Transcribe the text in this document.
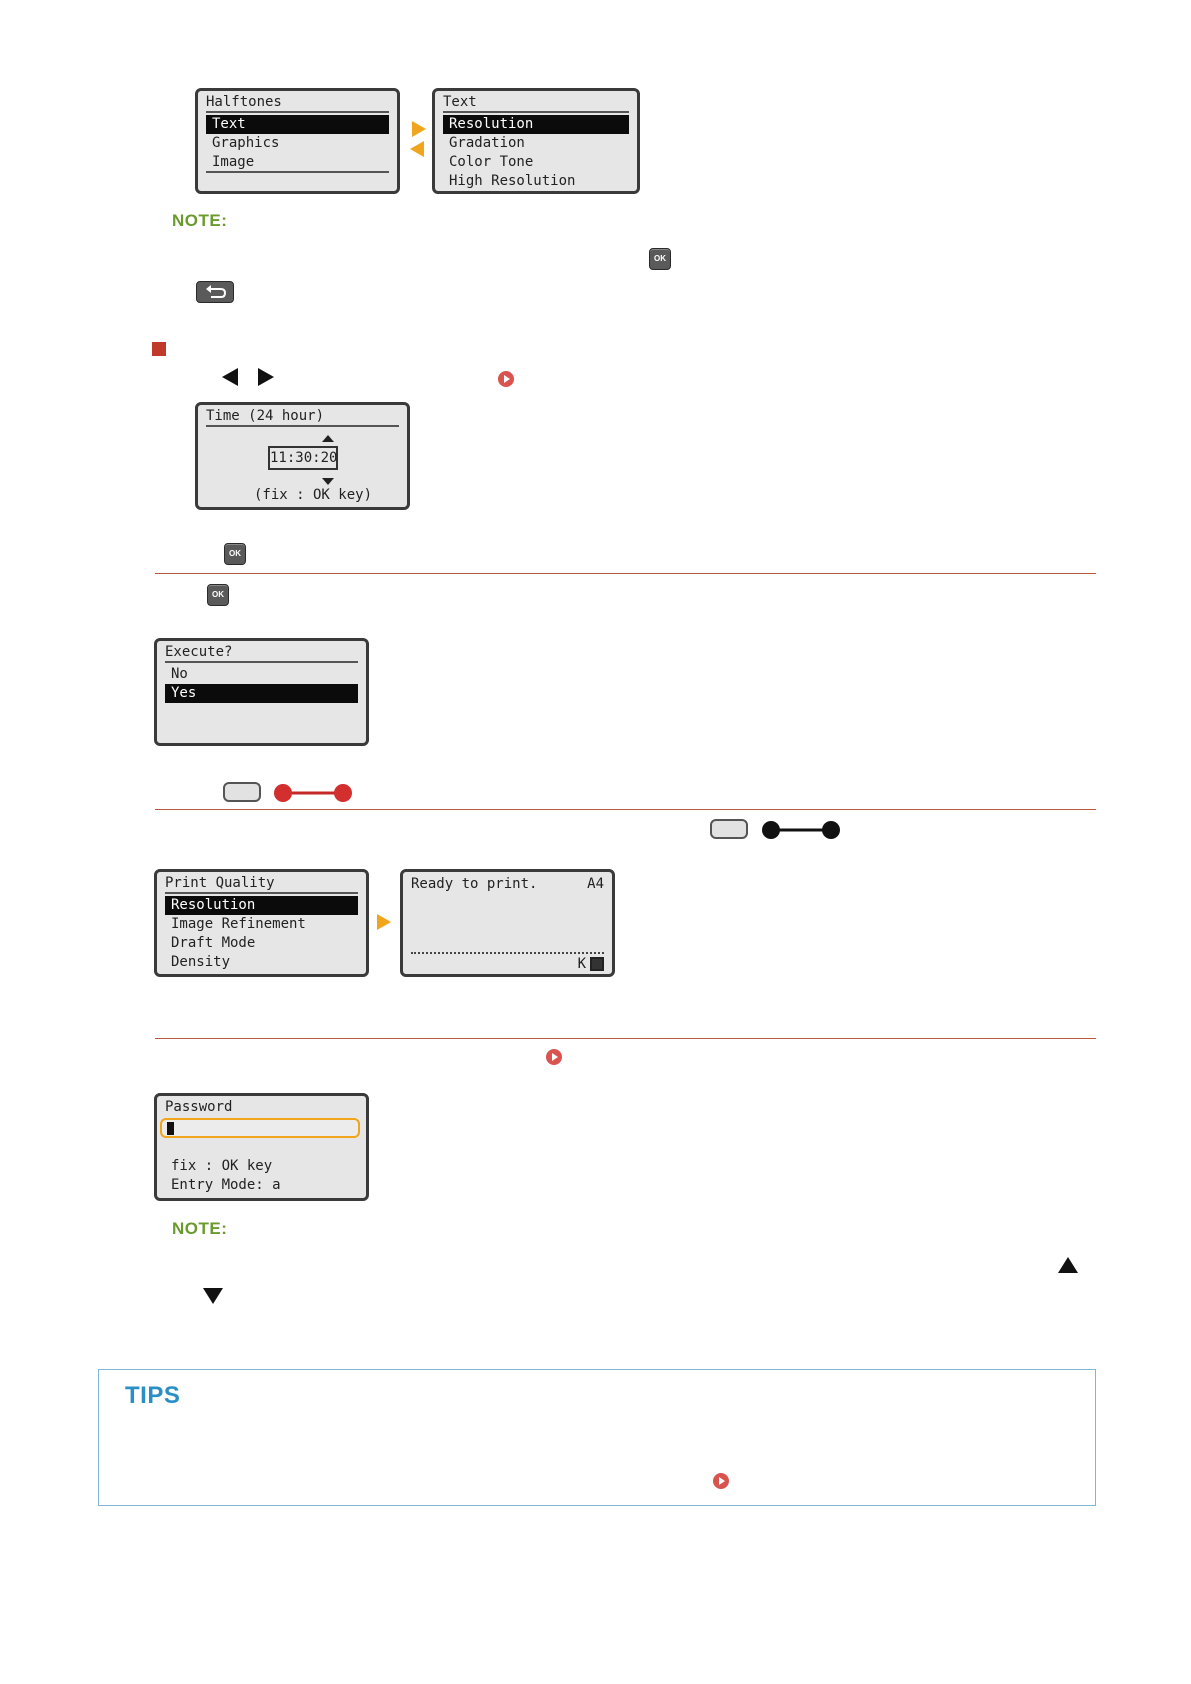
Halftones
Text
Graphics
Image
Text
Resolution
Gradation
Color Tone
High Resolution
NOTE:
OK
Time (24 hour)
11:30:20
(fix : OK key)
OK
OK
Execute?
No
Yes
Print Quality
Resolution
Image Refinement
Draft Mode
Density
Ready to print.	A4
K
Password
fix : OK key
Entry Mode: a
NOTE:
TIPS
